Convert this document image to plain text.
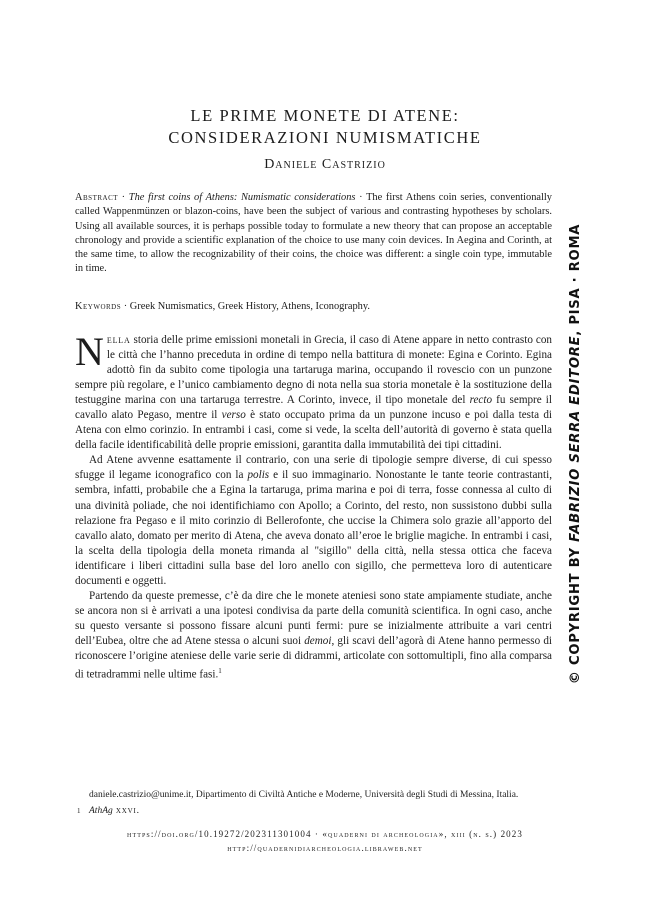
LE PRIME MONETE DI ATENE:
CONSIDERAZIONI NUMISMATICHE
Daniele Castrizio

Abstract · The first coins of Athens: Numismatic considerations · The first Athens coin series, conventionally called Wappenmünzen or blazon-coins, have been the subject of various and contrasting hypotheses by scholars. Using all available sources, it is perhaps possible today to formulate a new theory that can propose an acceptable chronology and provide a scientific explanation of the choice to use many coin devices. In Aegina and Corinth, at the same time, to allow the recognizability of their coins, the choice was different: a single coin type, immutable in time.

Keywords · Greek Numismatics, Greek History, Athens, Iconography.

Nella storia delle prime emissioni monetali in Grecia, il caso di Atene appare in netto contrasto con le città che l’hanno preceduta in ordine di tempo nella battitura di monete: Egina e Corinto. Egina adottò fin da subito come tipologia una tartaruga marina, occupando il rovescio con un punzone sempre più regolare, e l’unico cambiamento degno di nota nella sua storia monetale è la sostituzione della testuggine marina con una tartaruga terrestre. A Corinto, invece, il tipo monetale del recto fu sempre il cavallo alato Pegaso, mentre il verso è stato occupato prima da un punzone incuso e poi dalla testa di Atena con elmo corinzio. In entrambi i casi, come si vede, la scelta dell’autorità di governo è stata quella della facile identificabilità delle proprie emissioni, garantita dalla immutabilità dei tipi cittadini.

Ad Atene avvenne esattamente il contrario, con una serie di tipologie sempre diverse, di cui spesso sfugge il legame iconografico con la polis e il suo immaginario. Nonostante le tante teorie contrastanti, sembra, infatti, probabile che a Egina la tartaruga, prima marina e poi di terra, fosse connessa al culto di una divinità poliade, che noi identifichiamo con Apollo; a Corinto, del resto, non sussistono dubbi sulla relazione fra Pegaso e il mito corinzio di Bellerofonte, che uccise la Chimera solo grazie all’apporto del cavallo alato, domato per merito di Atena, che aveva donato all’eroe le briglie magiche. In entrambi i casi, la scelta della tipologia della moneta rimanda al "sigillo" della città, nella stessa ottica che faceva identificare i liberi cittadini sulla base del loro anello con sigillo, che permetteva loro di autenticare documenti e oggetti.

Partendo da queste premesse, c’è da dire che le monete ateniesi sono state ampiamente studiate, anche se ancora non si è arrivati a una ipotesi condivisa da parte della comunità scientifica. In ogni caso, anche su questo versante si possono fissare alcuni punti fermi: pure se inizialmente attribuite a vari centri dell’Eubea, oltre che ad Atene stessa o alcuni suoi demoi, gli scavi dell’agorà di Atene hanno permesso di riconoscere l’origine ateniese delle varie serie di didrammi, articolate con sottomultipli, fino alla comparsa di tetradrammi nelle ultime fasi.$^1$

daniele.castrizio@unime.it, Dipartimento di Civiltà Antiche e Moderne, Università degli Studi di Messina, Italia.
1 AthAg xxvi.
https://doi.org/10.19272/202311301004 · «quaderni di archeologia», xiii (n. s.) 2023
http://quadernidiarcheologia.libraweb.net
© COPYRIGHT BY FABRIZIO SERRA EDITORE, PISA · ROMA
